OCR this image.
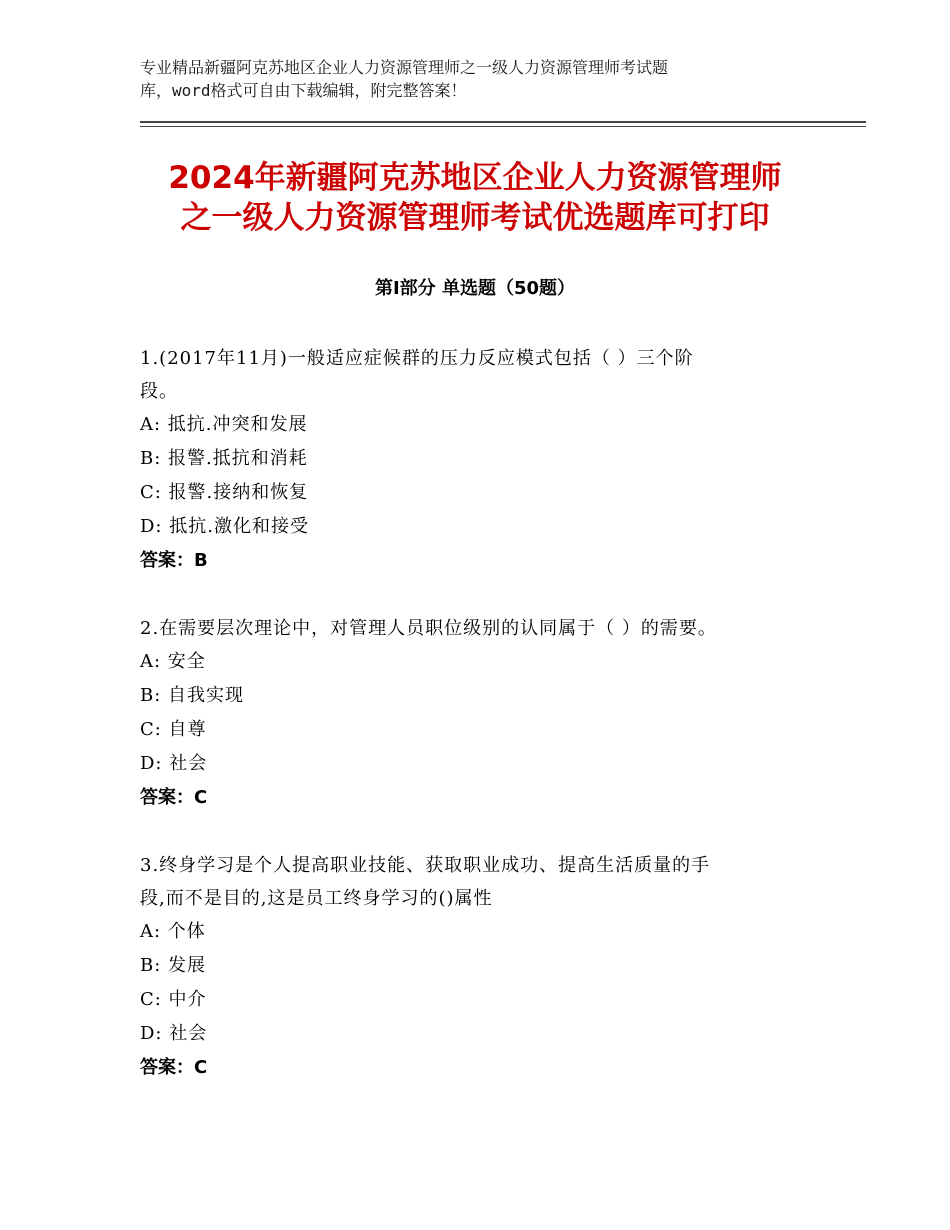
专业精品新疆阿克苏地区企业人力资源管理师之一级人力资源管理师考试题
库，word格式可自由下载编辑，附完整答案！
2024年新疆阿克苏地区企业人力资源管理师
之一级人力资源管理师考试优选题库可打印
第Ⅰ部分 单选题（50题）
1.(2017年11月)一般适应症候群的压力反应模式包括（ ）三个阶
段。
A: 抵抗.冲突和发展
B: 报警.抵抗和消耗
C: 报警.接纳和恢复
D: 抵抗.激化和接受
答案：B
2.在需要层次理论中，对管理人员职位级别的认同属于（ ）的需要。
A: 安全
B: 自我实现
C: 自尊
D: 社会
答案：C
3.终身学习是个人提高职业技能、获取职业成功、提高生活质量的手
段,而不是目的,这是员工终身学习的()属性
A: 个体
B: 发展
C: 中介
D: 社会
答案：C
